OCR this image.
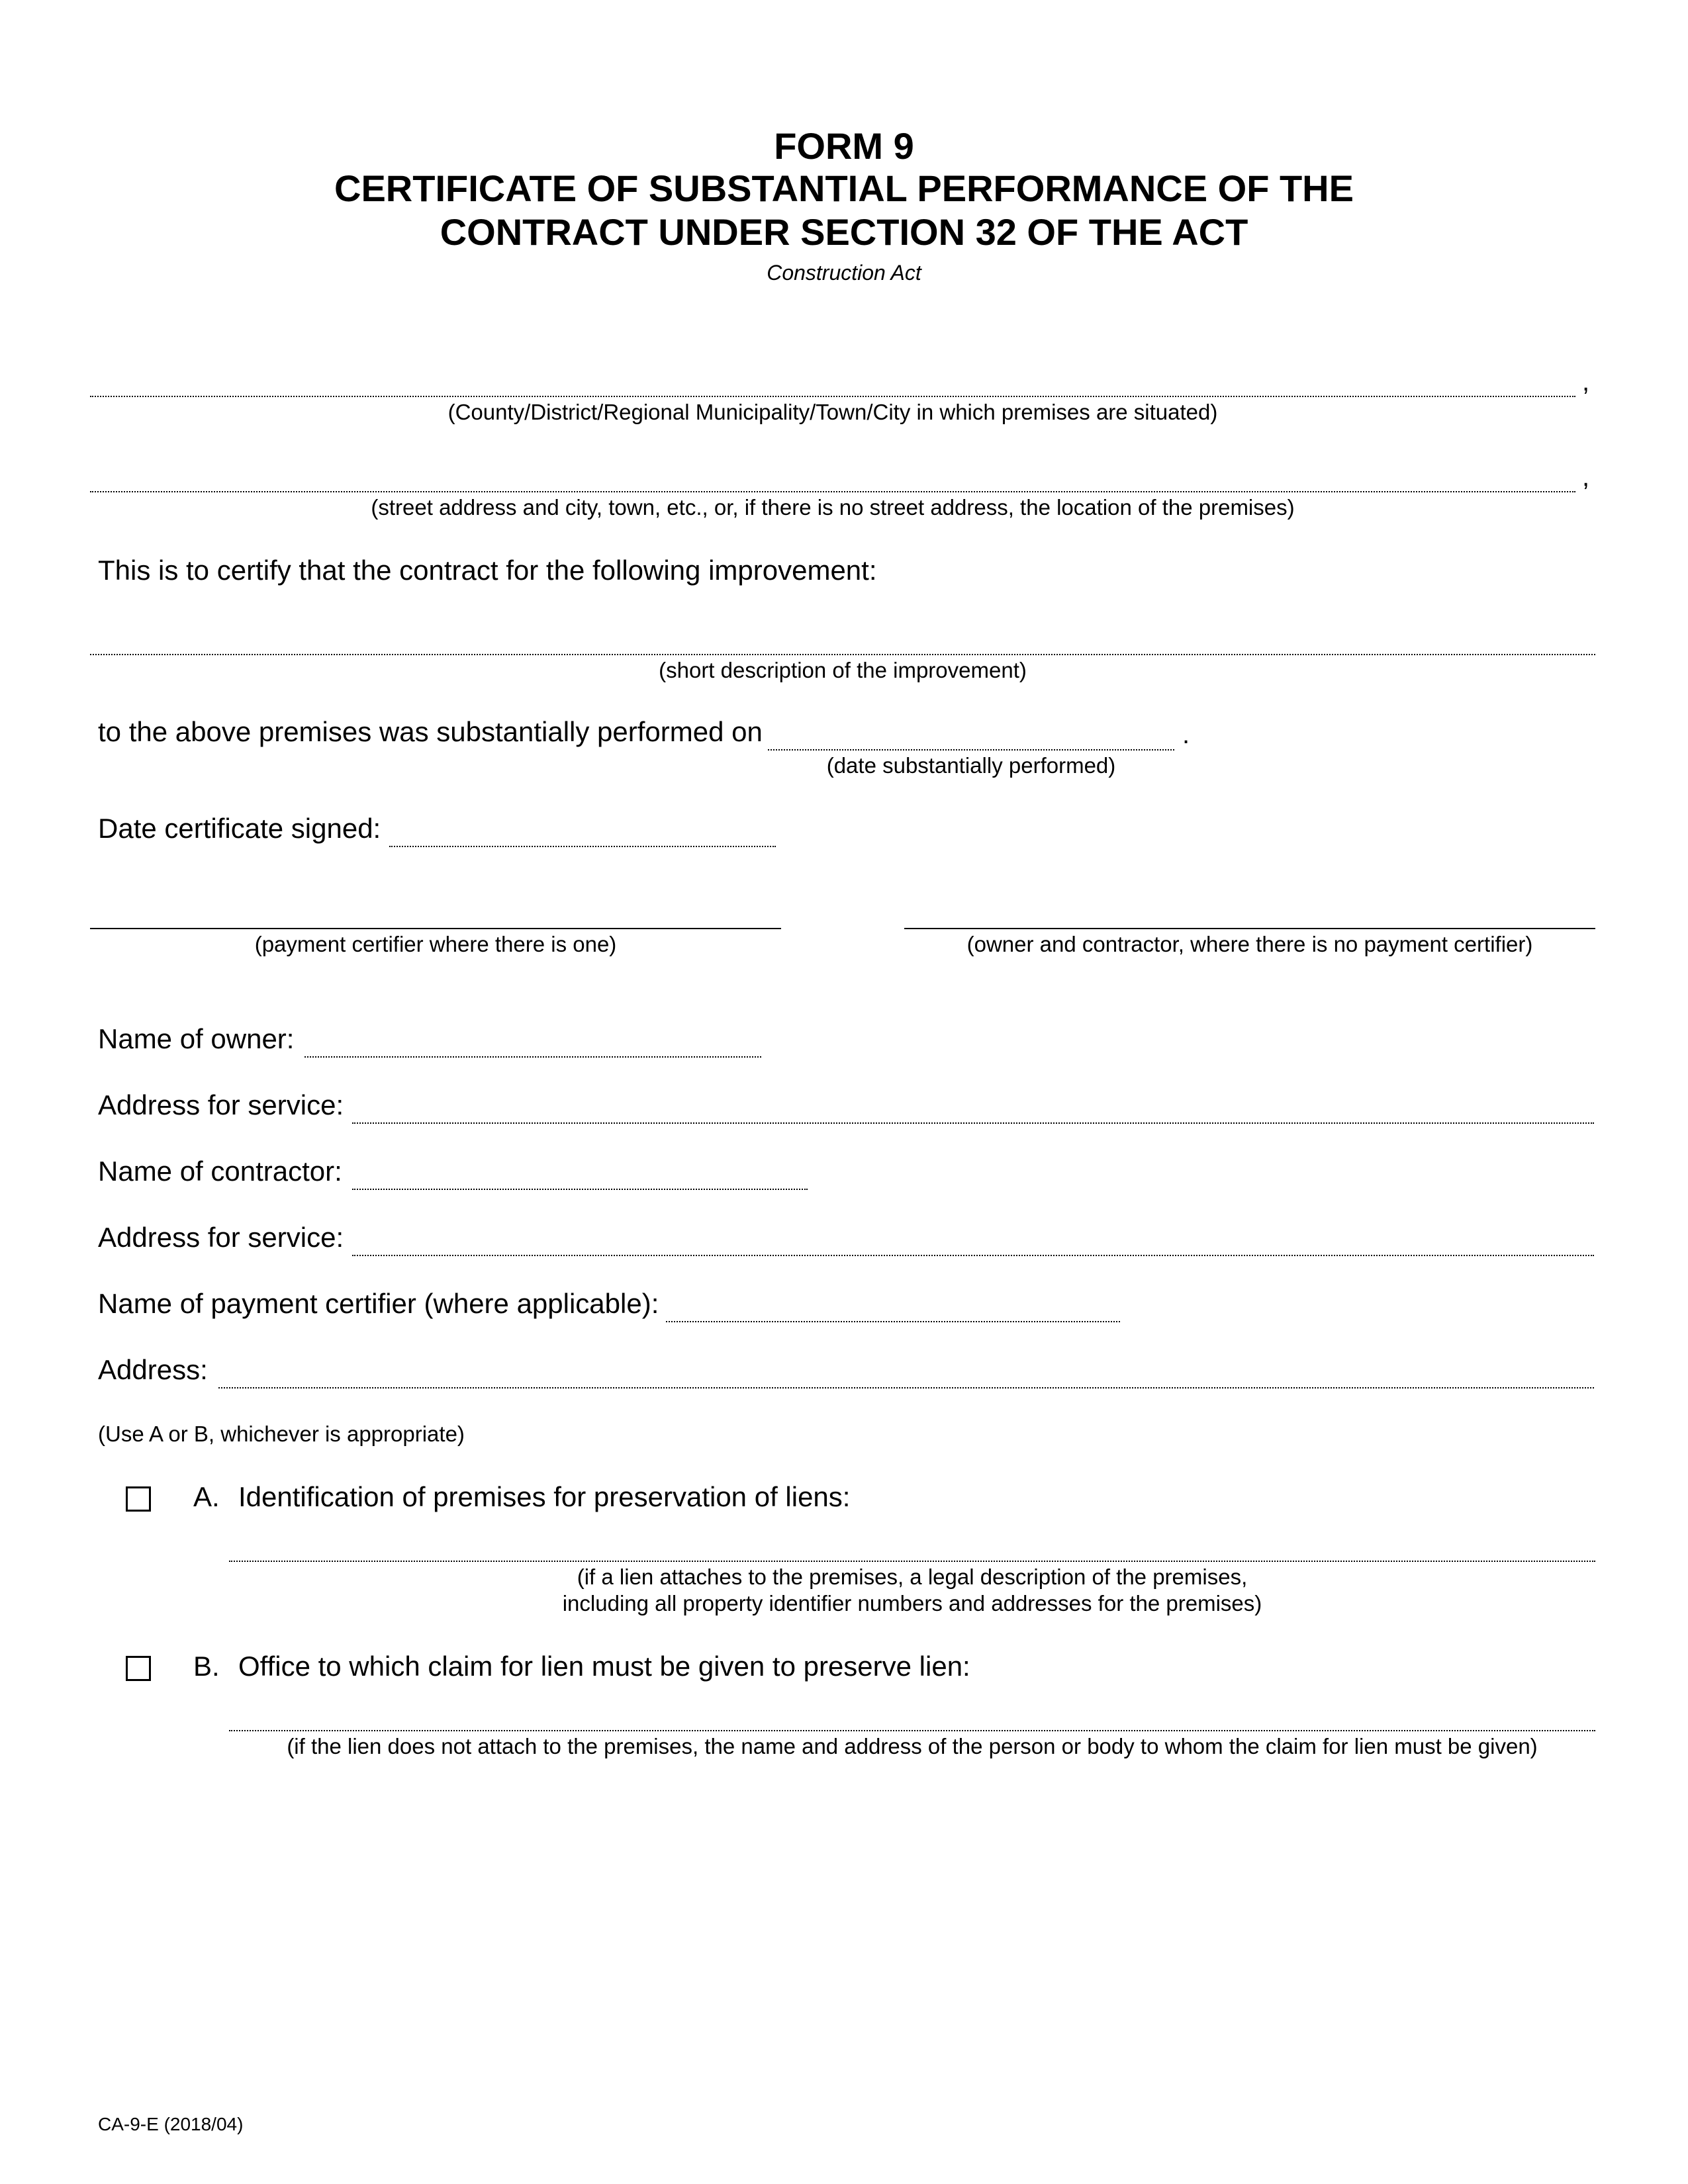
FORM 9
CERTIFICATE OF SUBSTANTIAL PERFORMANCE OF THE
CONTRACT UNDER SECTION 32 OF THE ACT
Construction Act
,
(County/District/Regional Municipality/Town/City in which premises are situated)
,
(street address and city, town, etc., or, if there is no street address, the location of the premises)
This is to certify that the contract for the following improvement:
(short description of the improvement)
to the above premises was substantially performed on	.
(date substantially performed)
Date certificate signed:
(payment certifier where there is one)	(owner and contractor, where there is no payment certifier)
Name of owner:
Address for service:
Name of contractor:
Address for service:
Name of payment certifier (where applicable):
Address:
(Use A or B, whichever is appropriate)
A. Identification of premises for preservation of liens:
(if a lien attaches to the premises, a legal description of the premises,
including all property identifier numbers and addresses for the premises)
B. Office to which claim for lien must be given to preserve lien:
(if the lien does not attach to the premises, the name and address of the person or body to whom the claim for lien must be given)
CA-9-E (2018/04)
